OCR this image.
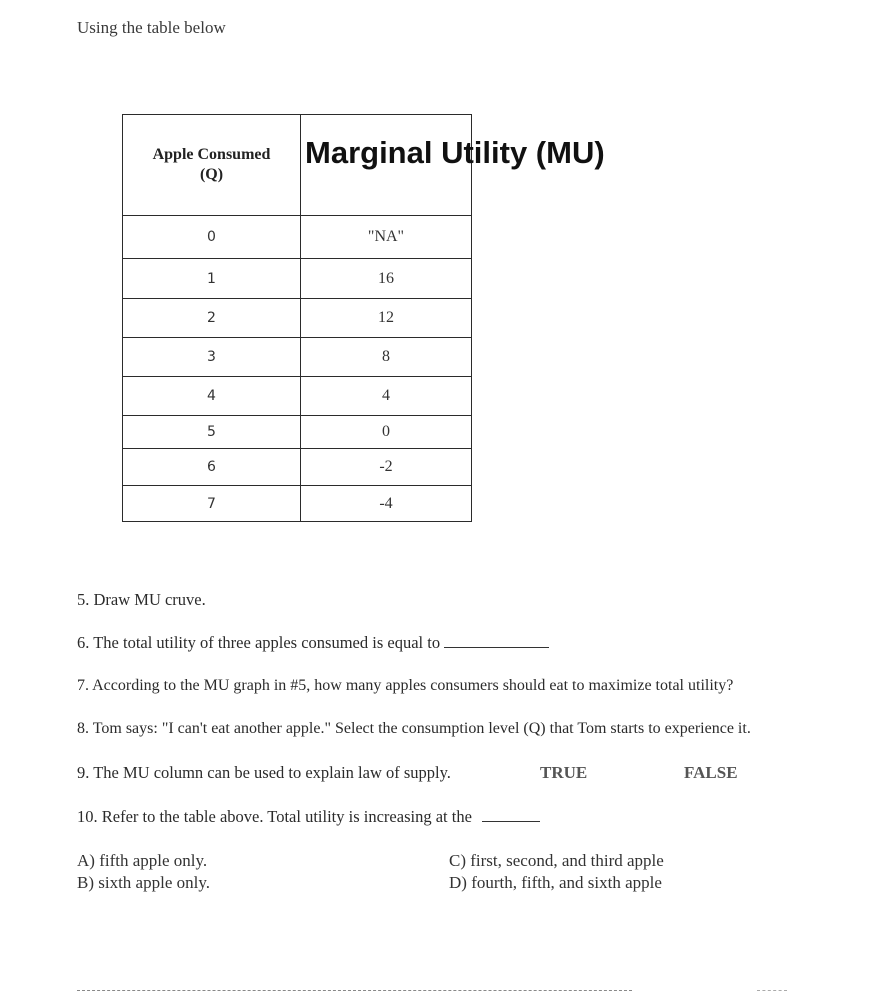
Using the table below
Apple Consumed
(Q)	Marginal Utility (MU)

0	"NA"
1	16
2	12
3	8
4	4
5	0
6	-2
7	-4
5. Draw MU cruve.
6. The total utility of three apples consumed is equal to
7. According to the MU graph in #5, how many apples consumers should eat to maximize total utility?
8. Tom says: "I can't eat another apple." Select the consumption level (Q) that Tom starts to experience it.
9. The MU column can be used to explain law of supply.	TRUE	FALSE
10. Refer to the table above. Total utility is increasing at the
A) fifth apple only.
B) sixth apple only.
C) first, second, and third apple
D) fourth, fifth, and sixth apple
